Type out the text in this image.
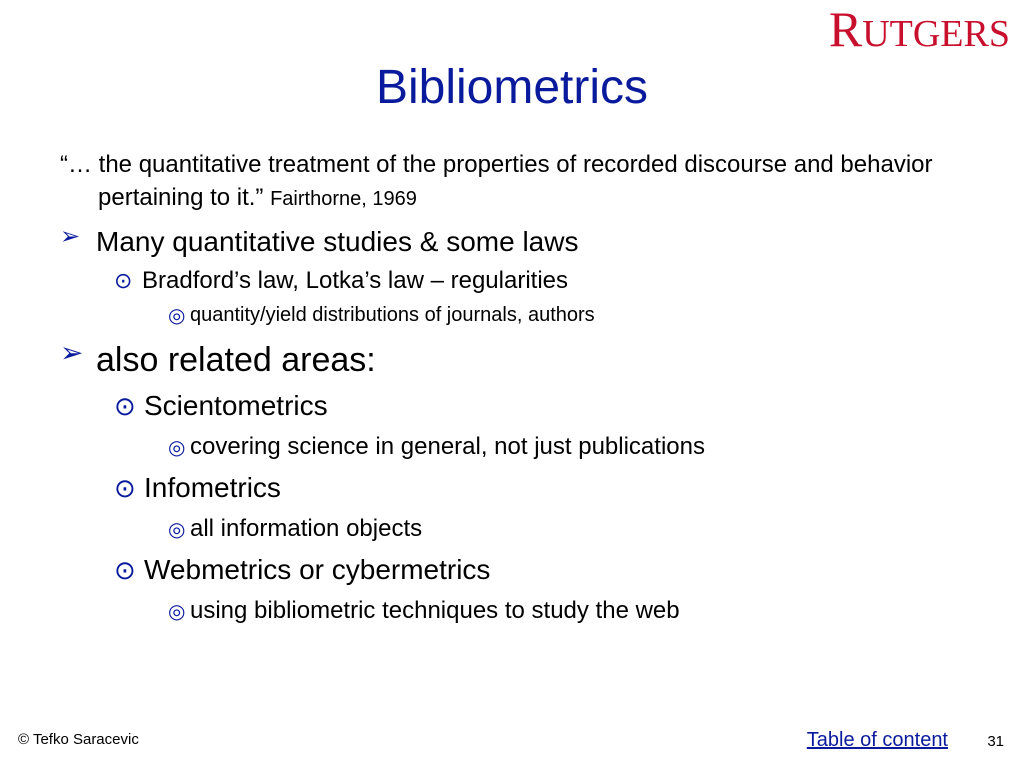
RUTGERS
Bibliometrics

“… the quantitative treatment of the properties of recorded discourse and behavior pertaining to it.” Fairthorne, 1969

➢ Many quantitative studies & some laws
⊙ Bradford’s law, Lotka’s law – regularities
◎ quantity/yield distributions of journals, authors
➢ also related areas:
⊙ Scientometrics
◎ covering science in general, not just publications
⊙ Infometrics
◎ all information objects
⊙ Webmetrics or cybermetrics
◎ using bibliometric techniques to study the web
© Tefko Saracevic	Table of content	31
